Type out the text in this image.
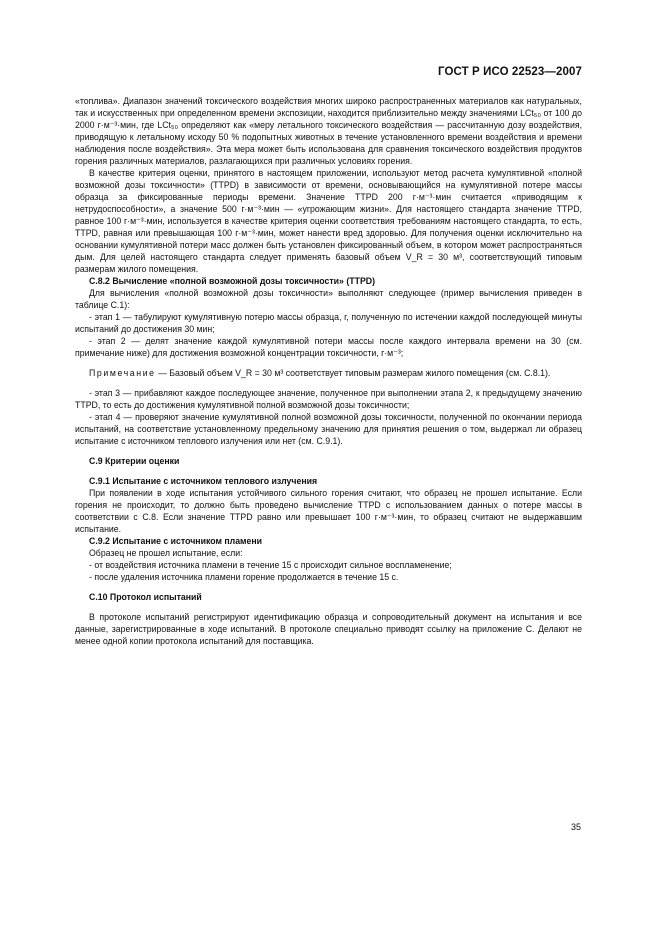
ГОСТ Р ИСО 22523—2007

«топлива». Диапазон значений токсического воздействия многих широко распространенных материалов как натуральных, так и искусственных при определенном времени экспозиции, находится приблизительно между значениями LCt₅₀ от 100 до 2000 г·м⁻³·мин, где LCt₅₀ определяют как «меру летального токсического воздействия — рассчитанную дозу воздействия, приводящую к летальному исходу 50 % подопытных животных в течение установленного времени воздействия и времени наблюдения после воздействия». Эта мера может быть использована для сравнения токсического воздействия продуктов горения различных материалов, разлагающихся при различных условиях горения.

В качестве критерия оценки, принятого в настоящем приложении, используют метод расчета кумулятивной «полной возможной дозы токсичности» (TTPD) в зависимости от времени, основывающийся на кумулятивной потере массы образца за фиксированные периоды времени. Значение TTPD 200 г·м⁻³·мин считается «приводящим к нетрудоспособности», а значение 500 г·м⁻³·мин — «угрожающим жизни». Для настоящего стандарта значение TTPD, равное 100 г·м⁻³·мин, используется в качестве критерия оценки соответствия требованиям настоящего стандарта, то есть, TTPD, равная или превышающая 100 г·м⁻³·мин, может нанести вред здоровью. Для получения оценки исключительно на основании кумулятивной потери масс должен быть установлен фиксированный объем, в котором может распространяться дым. Для целей настоящего стандарта следует применять базовый объем V_R = 30 м³, соответствующий типовым размерам жилого помещения.

С.8.2 Вычисление «полной возможной дозы токсичности» (TTPD)

Для вычисления «полной возможной дозы токсичности» выполняют следующее (пример вычисления приведен в таблице С.1):

- этап 1 — табулируют кумулятивную потерю массы образца, г, полученную по истечении каждой последующей минуты испытаний до достижения 30 мин;

- этап 2 — делят значение каждой кумулятивной потери массы после каждого интервала времени на 30 (см. примечание ниже) для достижения возможной концентрации токсичности, г·м⁻³;

Примечание — Базовый объем V_R = 30 м³ соответствует типовым размерам жилого помещения (см. С.8.1).

- этап 3 — прибавляют каждое последующее значение, полученное при выполнении этапа 2, к предыдущему значению TTPD, то есть до достижения кумулятивной полной возможной дозы токсичности;

- этап 4 — проверяют значение кумулятивной полной возможной дозы токсичности, полученной по окончании периода испытаний, на соответствие установленному предельному значению для принятия решения о том, выдержал ли образец испытание с источником теплового излучения или нет (см. С.9.1).

С.9 Критерии оценки

С.9.1 Испытание с источником теплового излучения

При появлении в ходе испытания устойчивого сильного горения считают, что образец не прошел испытание. Если горения не происходит, то должно быть проведено вычисление TTPD с использованием данных о потере массы в соответствии с С.8. Если значение TTPD равно или превышает 100 г·м⁻³·мин, то образец считают не выдержавшим испытание.

С.9.2 Испытание с источником пламени

Образец не прошел испытание, если:

- от воздействия источника пламени в течение 15 с происходит сильное воспламенение;

- после удаления источника пламени горение продолжается в течение 15 с.

С.10 Протокол испытаний

В протоколе испытаний регистрируют идентификацию образца и сопроводительный документ на испытания и все данные, зарегистрированные в ходе испытаний. В протоколе специально приводят ссылку на приложение С. Делают не менее одной копии протокола испытаний для поставщика.

35
